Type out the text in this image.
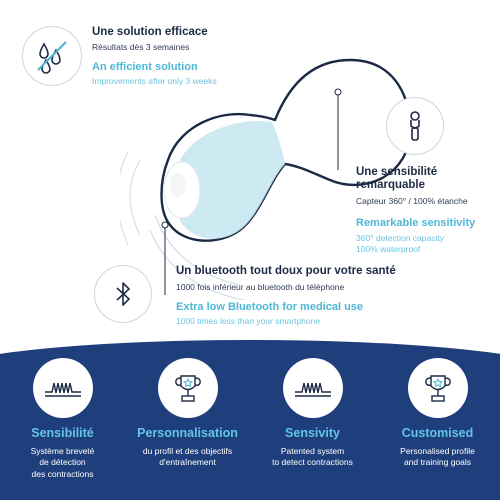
Une solution efficace
Résultats dès 3 semaines
An efficient solution
Improvements after only 3 weeks
Une sensibilité remarquable
Capteur 360° / 100% étanche
Remarkable sensitivity
360° detection capacity
100% waterproof
Un bluetooth tout doux pour votre santé
1000 fois inférieur au bluetooth du téléphone
Extra low Bluetooth for medical use
1000 times less than your smartphone
Sensibilité
Système breveté
de détection
des contractions
Personnalisation
du profil et des objectifs
d'entraînement
Sensivity
Patented system
to detect contractions
Customised
Personalised profile
and training goals
